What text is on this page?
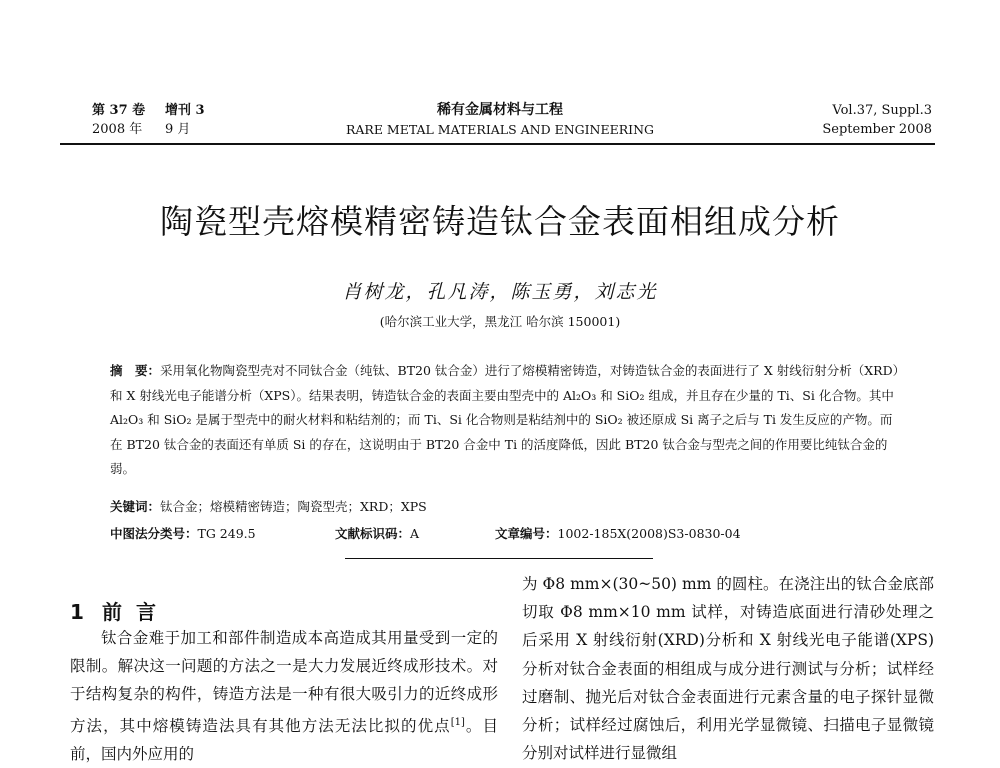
第 37 卷 增刊 3
2008 年 9 月
稀有金属材料与工程
RARE METAL MATERIALS AND ENGINEERING
Vol.37, Suppl.3
September 2008
陶瓷型壳熔模精密铸造钛合金表面相组成分析
肖树龙，孔凡涛，陈玉勇，刘志光
(哈尔滨工业大学，黑龙江 哈尔滨 150001)
摘　要：采用氧化物陶瓷型壳对不同钛合金（纯钛、BT20 钛合金）进行了熔模精密铸造，对铸造钛合金的表面进行了 X 射线衍射分析（XRD）和 X 射线光电子能谱分析（XPS）。结果表明，铸造钛合金的表面主要由型壳中的 Al₂O₃ 和 SiO₂ 组成，并且存在少量的 Ti、Si 化合物。其中 Al₂O₃ 和 SiO₂ 是属于型壳中的耐火材料和粘结剂的；而 Ti、Si 化合物则是粘结剂中的 SiO₂ 被还原成 Si 离子之后与 Ti 发生反应的产物。而在 BT20 钛合金的表面还有单质 Si 的存在，这说明由于 BT20 合金中 Ti 的活度降低，因此 BT20 钛合金与型壳之间的作用要比纯钛合金的弱。
关键词：钛合金；熔模精密铸造；陶瓷型壳；XRD；XPS
中图法分类号：TG 249.5	文献标识码：A	文章编号：1002-185X(2008)S3-0830-04
1 前言

钛合金难于加工和部件制造成本高造成其用量受到一定的限制。解决这一问题的方法之一是大力发展近终成形技术。对于结构复杂的构件，铸造方法是一种有很大吸引力的近终成形方法，其中熔模铸造法具有其他方法无法比拟的优点[1]。目前，国内外应用的

为 Φ8 mm×(30~50) mm 的圆柱。在浇注出的钛合金底部切取 Φ8 mm×10 mm 试样，对铸造底面进行清砂处理之后采用 X 射线衍射(XRD)分析和 X 射线光电子能谱(XPS)分析对钛合金表面的相组成与成分进行测试与分析；试样经过磨制、抛光后对钛合金表面进行元素含量的电子探针显微分析；试样经过腐蚀后，利用光学显微镜、扫描电子显微镜分别对试样进行显微组
